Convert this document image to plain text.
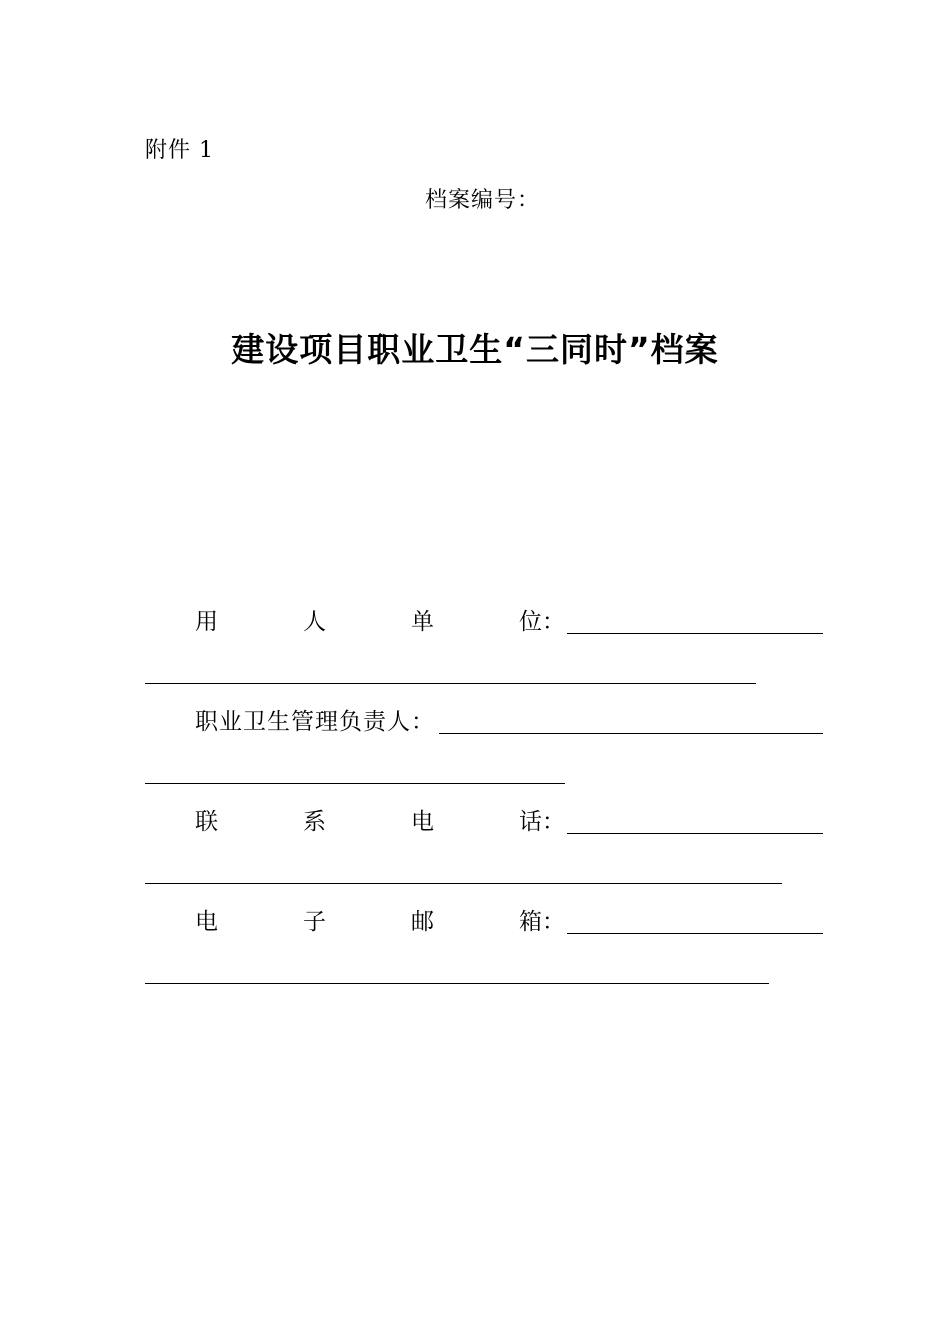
附件 1
档案编号：
建设项目职业卫生“三同时”档案
用	人	单	位：
职业卫生管理负责人：
联	系	电	话：
电	子	邮	箱：
